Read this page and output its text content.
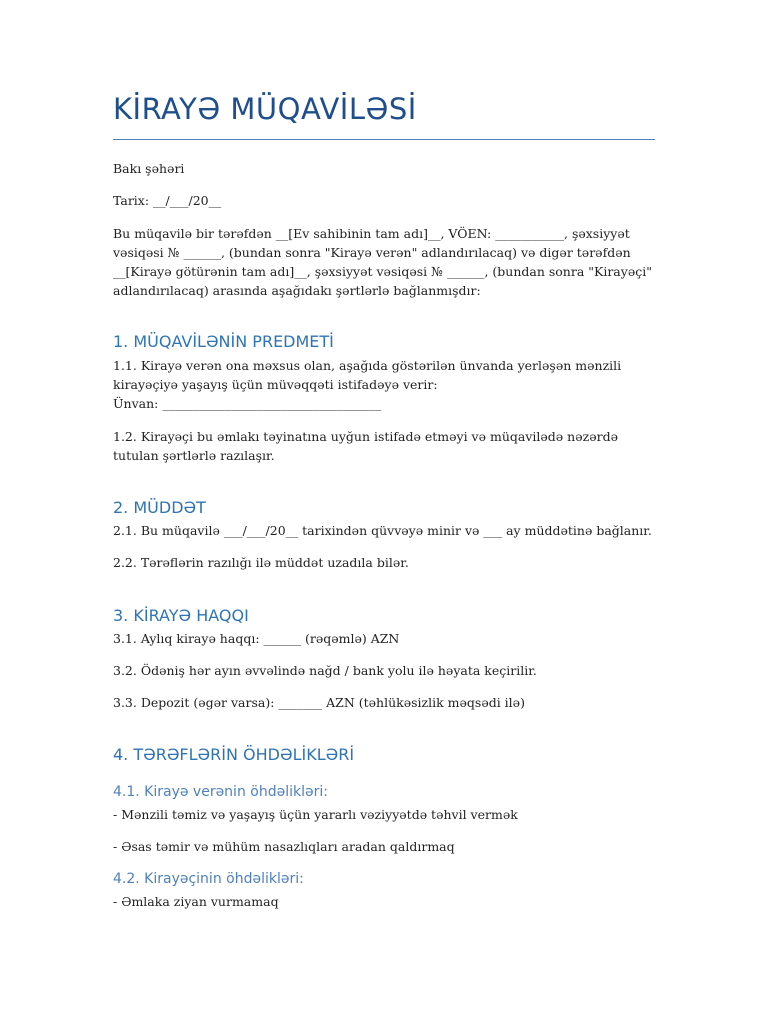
KİRAYƏ MÜQAVİLƏSİ

Bakı şəhəri

Tarix: __/___/20__

Bu müqavilə bir tərəfdən __[Ev sahibinin tam adı]__, VÖEN: ___________, şəxsiyyət vəsiqəsi № ______, (bundan sonra "Kirayə verən" adlandırılacaq) və digər tərəfdən __[Kirayə götürənin tam adı]__, şəxsiyyət vəsiqəsi № ______, (bundan sonra "Kirayəçi" adlandırılacaq) arasında aşağıdakı şərtlərlə bağlanmışdır:

1. MÜQAVİLƏNİN PREDMETİ

1.1. Kirayə verən ona məxsus olan, aşağıda göstərilən ünvanda yerləşən mənzili

kirayəçiyə yaşayış üçün müvəqqəti istifadəyə verir:

Ünvan: ___________________________________

1.2. Kirayəçi bu əmlakı təyinatına uyğun istifadə etməyi və müqavilədə nəzərdə tutulan şərtlərlə razılaşır.

2. MÜDDƏT

2.1. Bu müqavilə ___/___/20__ tarixindən qüvvəyə minir və ___ ay müddətinə bağlanır.

2.2. Tərəflərin razılığı ilə müddət uzadıla bilər.

3. KİRAYƏ HAQQI

3.1. Aylıq kirayə haqqı: ______ (rəqəmlə) AZN

3.2. Ödəniş hər ayın əvvəlində nağd / bank yolu ilə həyata keçirilir.

3.3. Depozit (əgər varsa): _______ AZN (təhlükəsizlik məqsədi ilə)

4. TƏRƏFLƏRİN ÖHDƏLİKLƏRİ
4.1. Kirayə verənin öhdəlikləri:

- Mənzili təmiz və yaşayış üçün yararlı vəziyyətdə təhvil vermək

- Əsas təmir və mühüm nasazlıqları aradan qaldırmaq

4.2. Kirayəçinin öhdəlikləri:

- Əmlaka ziyan vurmamaq
